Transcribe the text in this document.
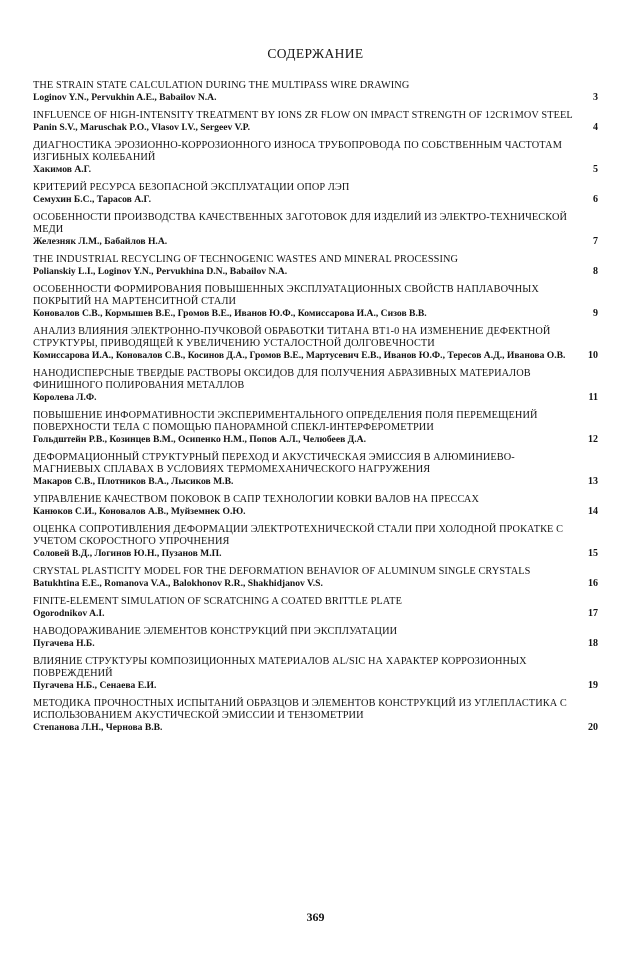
СОДЕРЖАНИЕ
THE STRAIN STATE CALCULATION DURING THE MULTIPASS WIRE DRAWING
Loginov Y.N., Pervukhin A.E., Babailov N.A.	3
INFLUENCE OF HIGH-INTENSITY TREATMENT BY IONS ZR FLOW ON IMPACT STRENGTH OF 12CR1MOV STEEL
Panin S.V., Maruschak P.O., Vlasov I.V., Sergeev V.P.	4
ДИАГНОСТИКА ЭРОЗИОННО-КОРРОЗИОННОГО ИЗНОСА ТРУБОПРОВОДА ПО СОБСТВЕННЫМ ЧАСТОТАМ ИЗГИБНЫХ КОЛЕБАНИЙ
Хакимов А.Г.	5
КРИТЕРИЙ РЕСУРСА БЕЗОПАСНОЙ ЭКСПЛУАТАЦИИ ОПОР ЛЭП
Семухин Б.С., Тарасов А.Г.	6
ОСОБЕННОСТИ ПРОИЗВОДСТВА КАЧЕСТВЕННЫХ ЗАГОТОВОК ДЛЯ ИЗДЕЛИЙ ИЗ ЭЛЕКТРО-ТЕХНИЧЕСКОЙ МЕДИ
Железняк Л.М., Бабайлов Н.А.	7
THE INDUSTRIAL RECYCLING OF TECHNOGENIC WASTES AND MINERAL PROCESSING
Polianskiy L.I., Loginov Y.N., Pervukhina D.N., Babailov N.A.	8
ОСОБЕННОСТИ ФОРМИРОВАНИЯ ПОВЫШЕННЫХ ЭКСПЛУАТАЦИОННЫХ СВОЙСТВ НАПЛАВОЧНЫХ ПОКРЫТИЙ НА МАРТЕНСИТНОЙ СТАЛИ
Коновалов С.В., Кормышев В.Е., Громов В.Е., Иванов Ю.Ф., Комиссарова И.А., Сизов В.В.	9
АНАЛИЗ ВЛИЯНИЯ ЭЛЕКТРОННО-ПУЧКОВОЙ ОБРАБОТКИ ТИТАНА ВТ1-0 НА ИЗМЕНЕНИЕ ДЕФЕКТНОЙ СТРУКТУРЫ, ПРИВОДЯЩЕЙ К УВЕЛИЧЕНИЮ УСТАЛОСТНОЙ ДОЛГОВЕЧНОСТИ
Комиссарова И.А., Коновалов С.В., Косинов Д.А., Громов В.Е., Мартусевич Е.В., Иванов Ю.Ф., Тересов А.Д., Иванова О.В.	10
НАНОДИСПЕРСНЫЕ ТВЕРДЫЕ РАСТВОРЫ ОКСИДОВ ДЛЯ ПОЛУЧЕНИЯ АБРАЗИВНЫХ МАТЕРИАЛОВ ФИНИШНОГО ПОЛИРОВАНИЯ МЕТАЛЛОВ
Королева Л.Ф.	11
ПОВЫШЕНИЕ ИНФОРМАТИВНОСТИ ЭКСПЕРИМЕНТАЛЬНОГО ОПРЕДЕЛЕНИЯ ПОЛЯ ПЕРЕМЕЩЕНИЙ ПОВЕРХНОСТИ ТЕЛА С ПОМОЩЬЮ ПАНОРАМНОЙ СПЕКЛ-ИНТЕРФЕРОМЕТРИИ
Гольдштейн Р.В., Козинцев В.М., Осипенко Н.М., Попов А.Л., Челюбеев Д.А.	12
ДЕФОРМАЦИОННЫЙ СТРУКТУРНЫЙ ПЕРЕХОД И АКУСТИЧЕСКАЯ ЭМИССИЯ В АЛЮМИНИЕВО-МАГНИЕВЫХ СПЛАВАХ В УСЛОВИЯХ ТЕРМОМЕХАНИЧЕСКОГО НАГРУЖЕНИЯ
Макаров С.В., Плотников В.А., Лысиков М.В.	13
УПРАВЛЕНИЕ КАЧЕСТВОМ ПОКОВОК В САПР ТЕХНОЛОГИИ КОВКИ ВАЛОВ НА ПРЕССАХ
Канюков С.И., Коновалов А.В., Муйземнек О.Ю.	14
ОЦЕНКА СОПРОТИВЛЕНИЯ ДЕФОРМАЦИИ ЭЛЕКТРОТЕХНИЧЕСКОЙ СТАЛИ ПРИ ХОЛОДНОЙ ПРОКАТКЕ С УЧЕТОМ СКОРОСТНОГО УПРОЧНЕНИЯ
Соловей В.Д., Логинов Ю.Н., Пузанов М.П.	15
CRYSTAL PLASTICITY MODEL FOR THE DEFORMATION BEHAVIOR OF ALUMINUM SINGLE CRYSTALS
Batukhtina E.E., Romanova V.A., Balokhonov R.R., Shakhidjanov V.S.	16
FINITE-ELEMENT SIMULATION OF SCRATCHING A COATED BRITTLE PLATE
Ogorodnikov A.I.	17
НАВОДОРАЖИВАНИЕ ЭЛЕМЕНТОВ КОНСТРУКЦИЙ ПРИ ЭКСПЛУАТАЦИИ
Пугачева Н.Б.	18
ВЛИЯНИЕ СТРУКТУРЫ КОМПОЗИЦИОННЫХ МАТЕРИАЛОВ AL/SIC НА ХАРАКТЕР КОРРОЗИОННЫХ ПОВРЕЖДЕНИЙ
Пугачева Н.Б., Сенаева Е.И.	19
МЕТОДИКА ПРОЧНОСТНЫХ ИСПЫТАНИЙ ОБРАЗЦОВ И ЭЛЕМЕНТОВ КОНСТРУКЦИЙ ИЗ УГЛЕПЛАСТИКА С ИСПОЛЬЗОВАНИЕМ АКУСТИЧЕСКОЙ ЭМИССИИ И ТЕНЗОМЕТРИИ
Степанова Л.Н., Чернова В.В.	20
369
